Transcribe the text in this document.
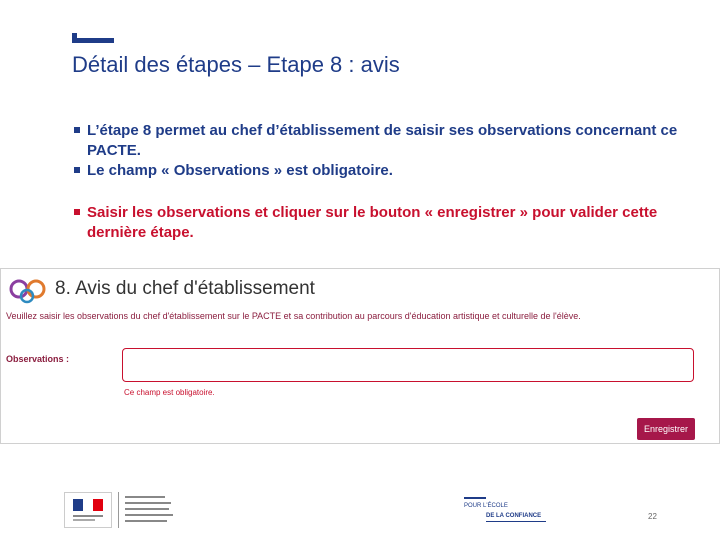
Détail des étapes – Etape 8 : avis
L’étape 8 permet au chef d’établissement de saisir ses observations concernant ce PACTE.
Le champ « Observations » est obligatoire.
Saisir les observations et cliquer sur le bouton « enregistrer » pour valider cette dernière étape.
8. Avis du chef d'établissement
Veuillez saisir les observations du chef d'établissement sur le PACTE et sa contribution au parcours d'éducation artistique et culturelle de l'élève.
Observations :
Ce champ est obligatoire.
Enregistrer
POUR L'ÉCOLE
DE LA CONFIANCE	22
